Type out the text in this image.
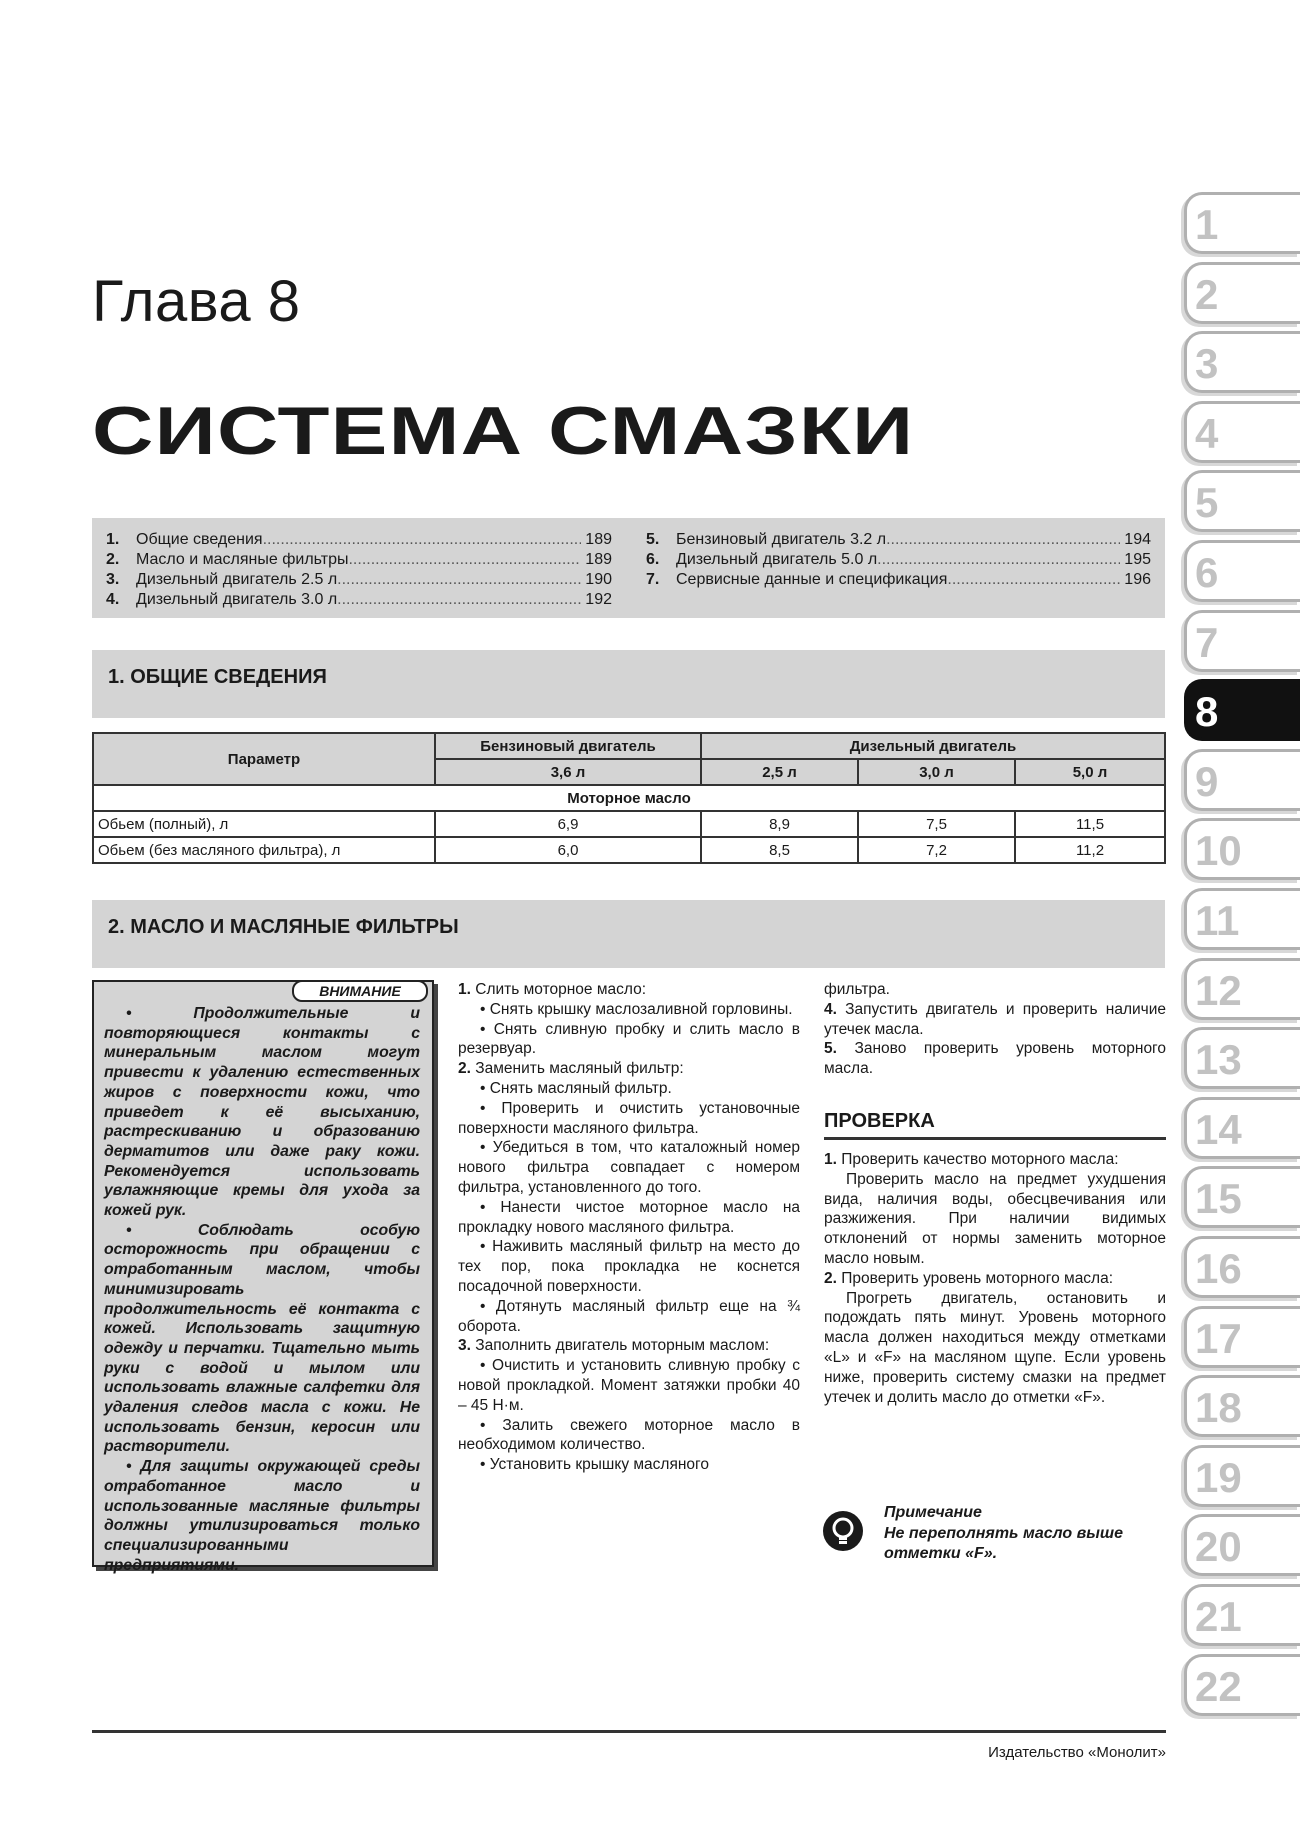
Глава 8
СИСТЕМА СМАЗКИ
1.	Общие сведения .....	189
2.	Масло и масляные фильтры .....	189
3.	Дизельный двигатель 2.5 л .....	190
4.	Дизельный двигатель 3.0 л .....	192
5.	Бензиновый двигатель 3.2 л .....	194
6.	Дизельный двигатель 5.0 л .....	195
7.	Сервисные данные и спецификация .....	196
1. ОБЩИЕ СВЕДЕНИЯ
Параметр	Бензиновый двигатель	Дизельный двигатель		
	3,6 л	2,5 л	3,0 л	5,0 л
Моторное масло				
Обьем (полный), л	6,9	8,9	7,5	11,5
Обьем (без масляного фильтра), л	6,0	8,5	7,2	11,2
2. МАСЛО И МАСЛЯНЫЕ ФИЛЬТРЫ
ВНИМАНИЕ

• Продолжительные и повторяющиеся контакты с минеральным маслом могут привести к удалению естественных жиров с поверхности кожи, что приведет к её высыханию, растрескиванию и образованию дерматитов или даже раку кожи. Рекомендуется использовать увлажняющие кремы для ухода за кожей рук.

• Соблюдать особую осторожность при обращении с отработанным маслом, чтобы минимизировать продолжительность её контакта с кожей. Использовать защитную одежду и перчатки. Тщательно мыть руки с водой и мылом или использовать влажные салфетки для удаления следов масла с кожи. Не использовать бензин, керосин или растворители.

• Для защиты окружающей среды отработанное масло и использованные масляные фильтры должны утилизироваться только специализированными предприятиями.

1. Слить моторное масло:

• Снять крышку маслозаливной горловины.

• Снять сливную пробку и слить масло в резервуар.

2. Заменить масляный фильтр:

• Снять масляный фильтр.

• Проверить и очистить установочные поверхности масляного фильтра.

• Убедиться в том, что каталожный номер нового фильтра совпадает с номером фильтра, установленного до того.

• Нанести чистое моторное масло на прокладку нового масляного фильтра.

• Наживить масляный фильтр на место до тех пор, пока прокладка не коснется посадочной поверхности.

• Дотянуть масляный фильтр еще на ¾ оборота.

3. Заполнить двигатель моторным маслом:

• Очистить и установить сливную пробку с новой прокладкой. Момент затяжки пробки 40 – 45 Н·м.

• Залить свежего моторное масло в необходимом количество.

• Установить крышку масляного

фильтра.

4. Запустить двигатель и проверить наличие утечек масла.

5. Заново проверить уровень моторного масла.

ПРОВЕРКА

1. Проверить качество моторного масла:

Проверить масло на предмет ухудшения вида, наличия воды, обесцвечивания или разжижения. При наличии видимых отклонений от нормы заменить моторное масло новым.

2. Проверить уровень моторного масла:

Прогреть двигатель, остановить и подождать пять минут. Уровень моторного масла должен находиться между отметками «L» и «F» на масляном щупе. Если уровень ниже, проверить систему смазки на предмет утечек и долить масло до отметки «F».

Примечание
Не переполнять масло выше отметки «F».
Издательство «Монолит»
1
2
3
4
5
6
7
8
9
10
11
12
13
14
15
16
17
18
19
20
21
22
